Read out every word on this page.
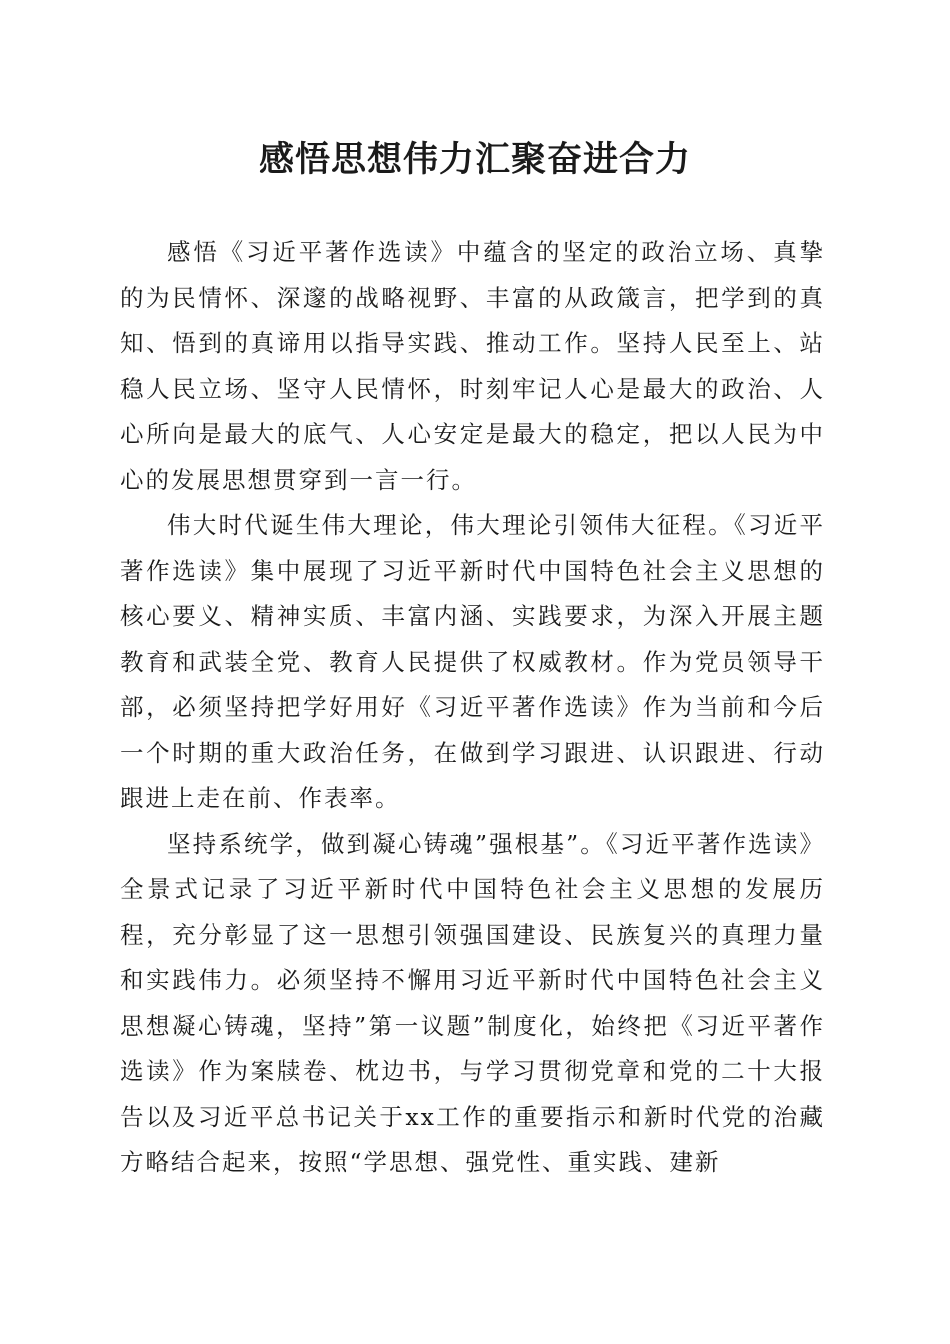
感悟思想伟力汇聚奋进合力

感悟《习近平著作选读》中蕴含的坚定的政治立场、真挚的为民情怀、深邃的战略视野、丰富的从政箴言，把学到的真知、悟到的真谛用以指导实践、推动工作。坚持人民至上、站稳人民立场、坚守人民情怀，时刻牢记人心是最大的政治、人心所向是最大的底气、人心安定是最大的稳定，把以人民为中心的发展思想贯穿到一言一行。

伟大时代诞生伟大理论，伟大理论引领伟大征程。《习近平著作选读》集中展现了习近平新时代中国特色社会主义思想的核心要义、精神实质、丰富内涵、实践要求，为深入开展主题教育和武装全党、教育人民提供了权威教材。作为党员领导干部，必须坚持把学好用好《习近平著作选读》作为当前和今后一个时期的重大政治任务，在做到学习跟进、认识跟进、行动跟进上走在前、作表率。

坚持系统学，做到凝心铸魂”强根基”。《习近平著作选读》全景式记录了习近平新时代中国特色社会主义思想的发展历程，充分彰显了这一思想引领强国建设、民族复兴的真理力量和实践伟力。必须坚持不懈用习近平新时代中国特色社会主义思想凝心铸魂，坚持”第一议题”制度化，始终把《习近平著作选读》作为案牍卷、枕边书，与学习贯彻党章和党的二十大报告以及习近平总书记关于xx工作的重要指示和新时代党的治藏方略结合起来，按照“学思想、强党性、重实践、建新
